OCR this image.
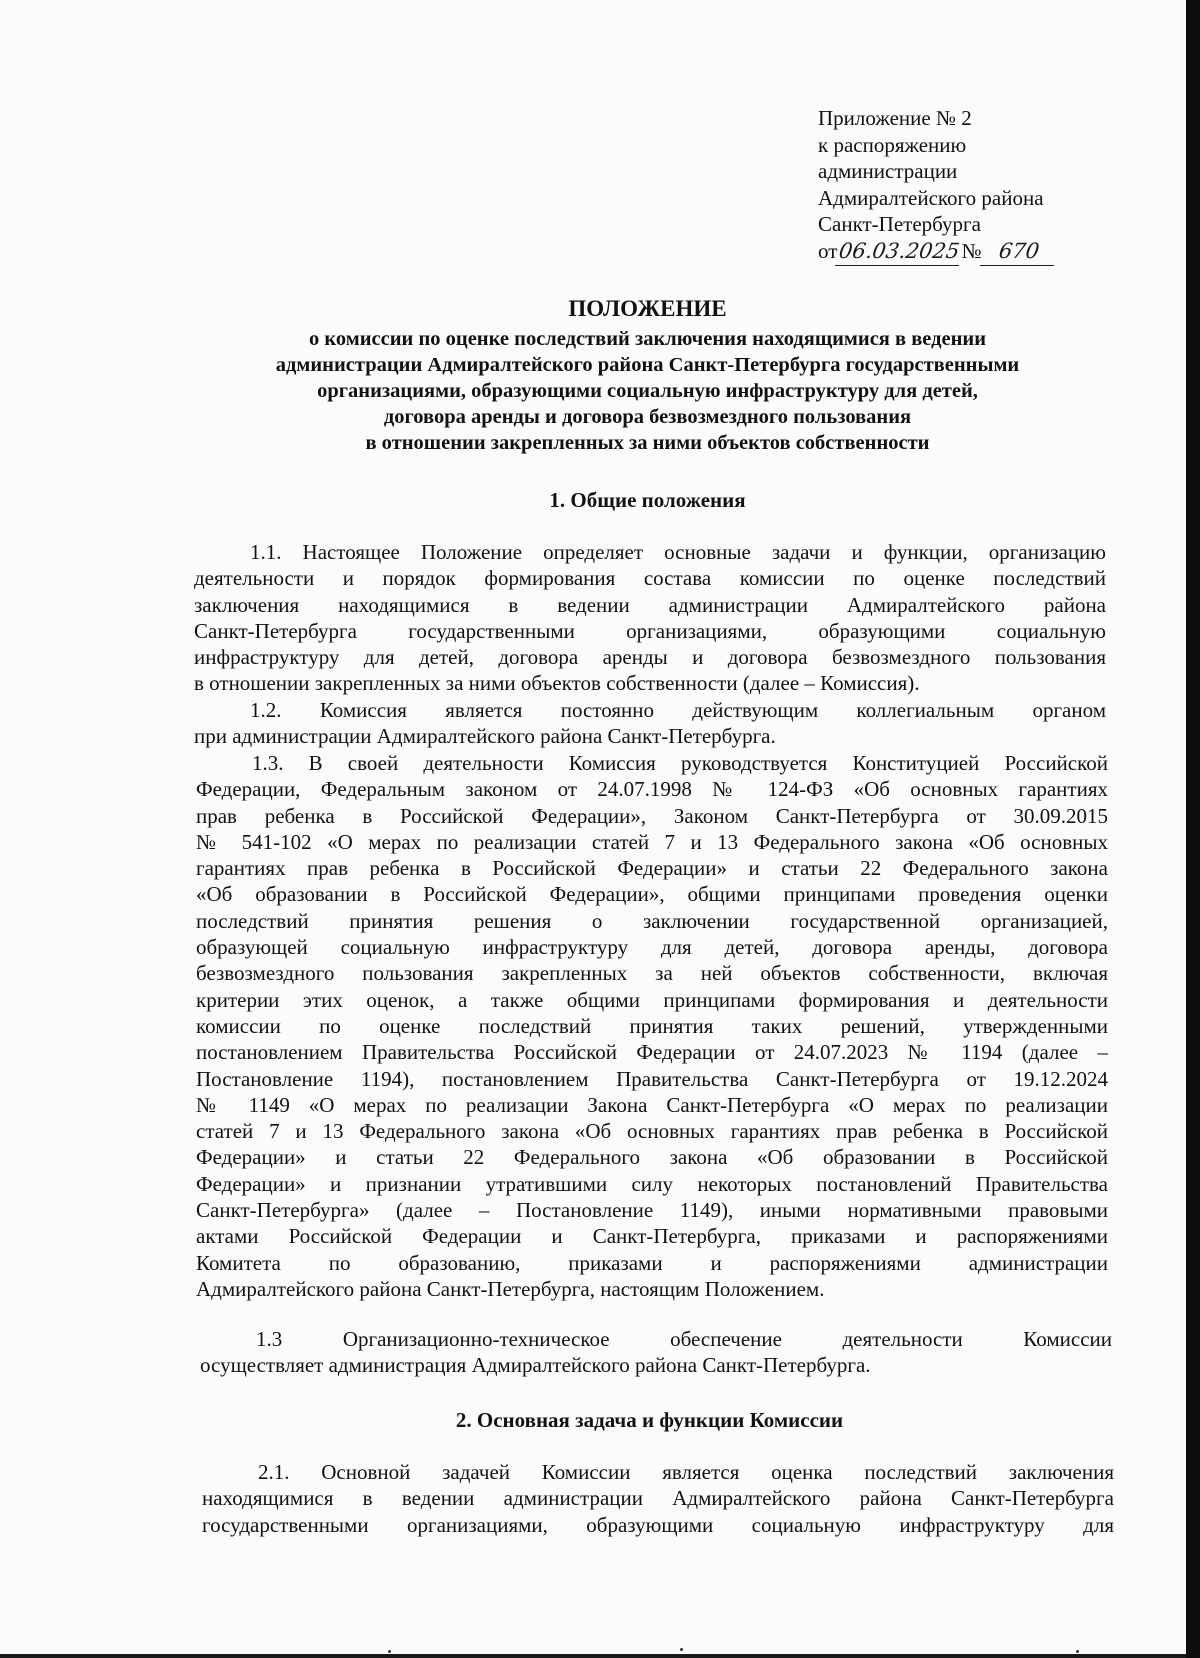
Приложение № 2
к распоряжению
администрации
Адмиралтейского района
Санкт-Петербурга
от06.03.2025№ 670
ПОЛОЖЕНИЕ
о комиссии по оценке последствий заключения находящимися в ведении
администрации Адмиралтейского района Санкт-Петербурга государственными
организациями, образующими социальную инфраструктуру для детей,
договора аренды и договора безвозмездного пользования
в отношении закрепленных за ними объектов собственности
1. Общие положения
1.1. Настоящее Положение определяет основные задачи и функции, организацию
деятельности и порядок формирования состава комиссии по оценке последствий
заключения находящимися в ведении администрации Адмиралтейского района
Санкт-Петербурга государственными организациями, образующими социальную
инфраструктуру для детей, договора аренды и договора безвозмездного пользования
в отношении закрепленных за ними объектов собственности (далее – Комиссия).
1.2. Комиссия является постоянно действующим коллегиальным органом
при администрации Адмиралтейского района Санкт-Петербурга.
1.3. В своей деятельности Комиссия руководствуется Конституцией Российской
Федерации, Федеральным законом от 24.07.1998 № 124-ФЗ «Об основных гарантиях
прав ребенка в Российской Федерации», Законом Санкт-Петербурга от 30.09.2015
№ 541-102 «О мерах по реализации статей 7 и 13 Федерального закона «Об основных
гарантиях прав ребенка в Российской Федерации» и статьи 22 Федерального закона
«Об образовании в Российской Федерации», общими принципами проведения оценки
последствий принятия решения о заключении государственной организацией,
образующей социальную инфраструктуру для детей, договора аренды, договора
безвозмездного пользования закрепленных за ней объектов собственности, включая
критерии этих оценок, а также общими принципами формирования и деятельности
комиссии по оценке последствий принятия таких решений, утвержденными
постановлением Правительства Российской Федерации от 24.07.2023 № 1194 (далее –
Постановление 1194), постановлением Правительства Санкт-Петербурга от 19.12.2024
№ 1149 «О мерах по реализации Закона Санкт-Петербурга «О мерах по реализации
статей 7 и 13 Федерального закона «Об основных гарантиях прав ребенка в Российской
Федерации» и статьи 22 Федерального закона «Об образовании в Российской
Федерации» и признании утратившими силу некоторых постановлений Правительства
Санкт-Петербурга» (далее – Постановление 1149), иными нормативными правовыми
актами Российской Федерации и Санкт-Петербурга, приказами и распоряжениями
Комитета по образованию, приказами и распоряжениями администрации
Адмиралтейского района Санкт-Петербурга, настоящим Положением.
1.3 Организационно-техническое обеспечение деятельности Комиссии
осуществляет администрация Адмиралтейского района Санкт-Петербурга.
2. Основная задача и функции Комиссии
2.1. Основной задачей Комиссии является оценка последствий заключения
находящимися в ведении администрации Адмиралтейского района Санкт-Петербурга
государственными организациями, образующими социальную инфраструктуру для
